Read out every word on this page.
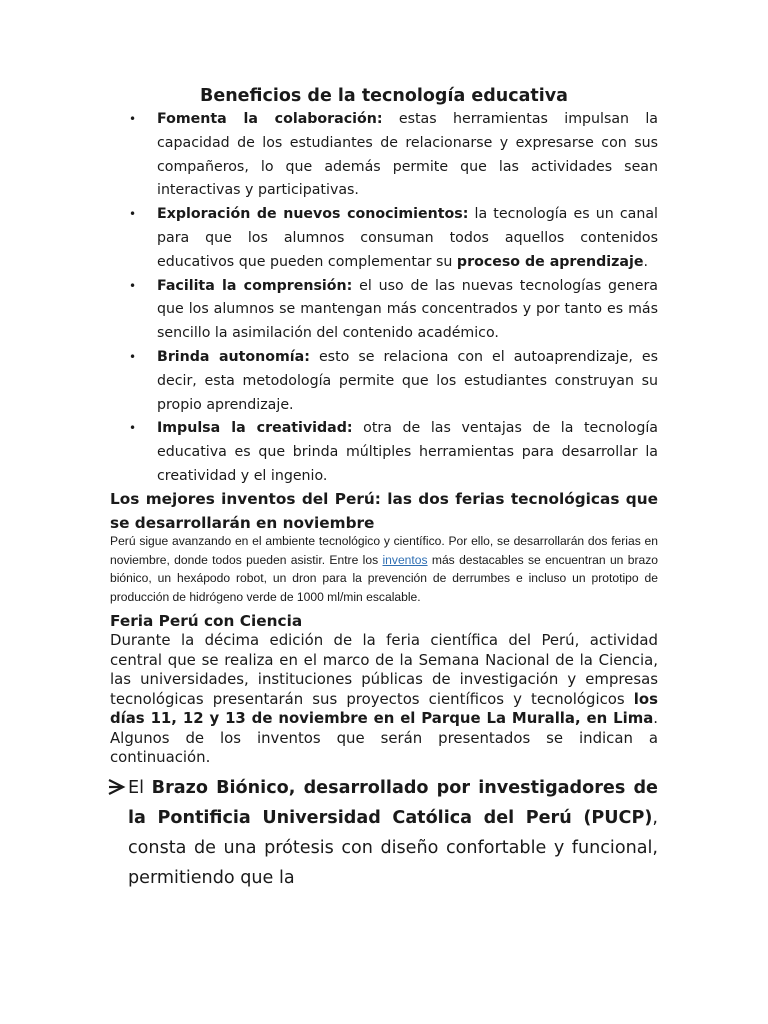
Beneficios de la tecnología educativa
• Fomenta la colaboración: estas herramientas impulsan la capacidad de los estudiantes de relacionarse y expresarse con sus compañeros, lo que además permite que las actividades sean interactivas y participativas.
• Exploración de nuevos conocimientos: la tecnología es un canal para que los alumnos consuman todos aquellos contenidos educativos que pueden complementar su proceso de aprendizaje.
• Facilita la comprensión: el uso de las nuevas tecnologías genera que los alumnos se mantengan más concentrados y por tanto es más sencillo la asimilación del contenido académico.
• Brinda autonomía: esto se relaciona con el autoaprendizaje, es decir, esta metodología permite que los estudiantes construyan su propio aprendizaje.
• Impulsa la creatividad: otra de las ventajas de la tecnología educativa es que brinda múltiples herramientas para desarrollar la creatividad y el ingenio.
Los mejores inventos del Perú: las dos ferias tecnológicas que se desarrollarán en noviembre

Perú sigue avanzando en el ambiente tecnológico y científico. Por ello, se desarrollarán dos ferias en noviembre, donde todos pueden asistir. Entre los inventos más destacables se encuentran un brazo biónico, un hexápodo robot, un dron para la prevención de derrumbes e incluso un prototipo de producción de hidrógeno verde de 1000 ml/min escalable.

Feria Perú con Ciencia

Durante la décima edición de la feria científica del Perú, actividad central que se realiza en el marco de la Semana Nacional de la Ciencia, las universidades, instituciones públicas de investigación y empresas tecnológicas presentarán sus proyectos científicos y tecnológicos los días 11, 12 y 13 de noviembre en el Parque La Muralla, en Lima. Algunos de los inventos que serán presentados se indican a continuación.

El Brazo Biónico, desarrollado por investigadores de la Pontificia Universidad Católica del Perú (PUCP), consta de una prótesis con diseño confortable y funcional, permitiendo que la
